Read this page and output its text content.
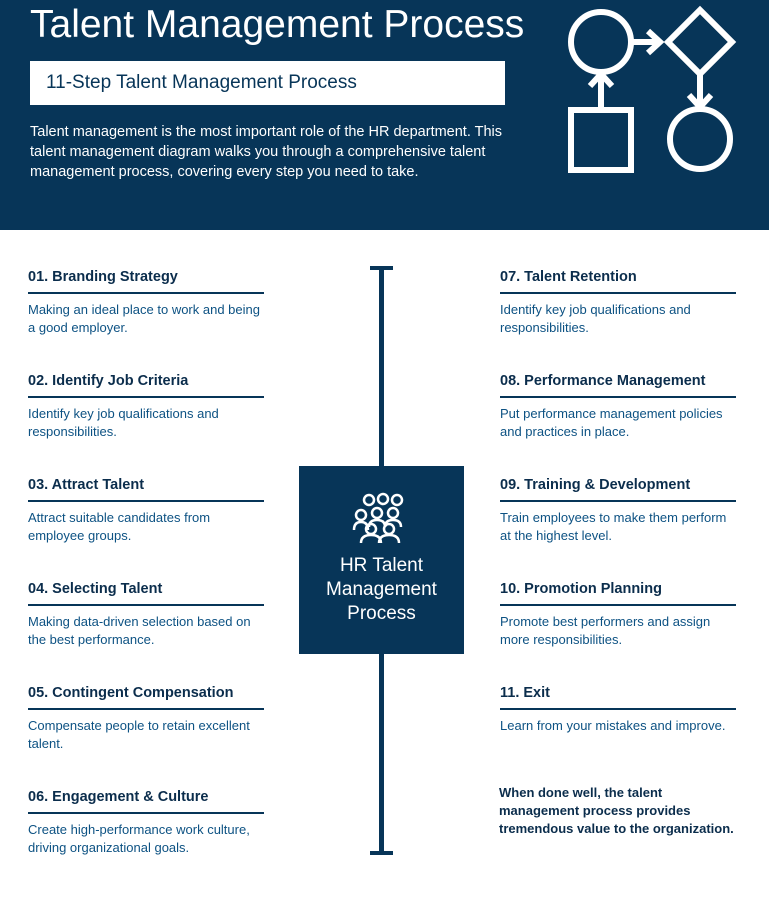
Talent Management Process
11-Step Talent Management Process
Talent management is the most important role of the HR department. This talent management diagram walks you through a comprehensive talent management process, covering every step you need to take.
01. Branding Strategy
Making an ideal place to work and being a good employer.
02. Identify Job Criteria
Identify key job qualifications and responsibilities.
03. Attract Talent
Attract suitable candidates from employee groups.
04. Selecting Talent
Making data-driven selection based on the best performance.
05. Contingent Compensation
Compensate people to retain excellent talent.
06. Engagement & Culture
Create high-performance work culture, driving organizational goals.
HR Talent Management Process
07. Talent Retention
Identify key job qualifications and responsibilities.
08. Performance Management
Put performance management policies and practices in place.
09. Training & Development
Train employees to make them perform at the highest level.
10. Promotion Planning
Promote best performers and assign more responsibilities.
11. Exit
Learn from your mistakes and improve.
When done well, the talent management process provides tremendous value to the organization.
